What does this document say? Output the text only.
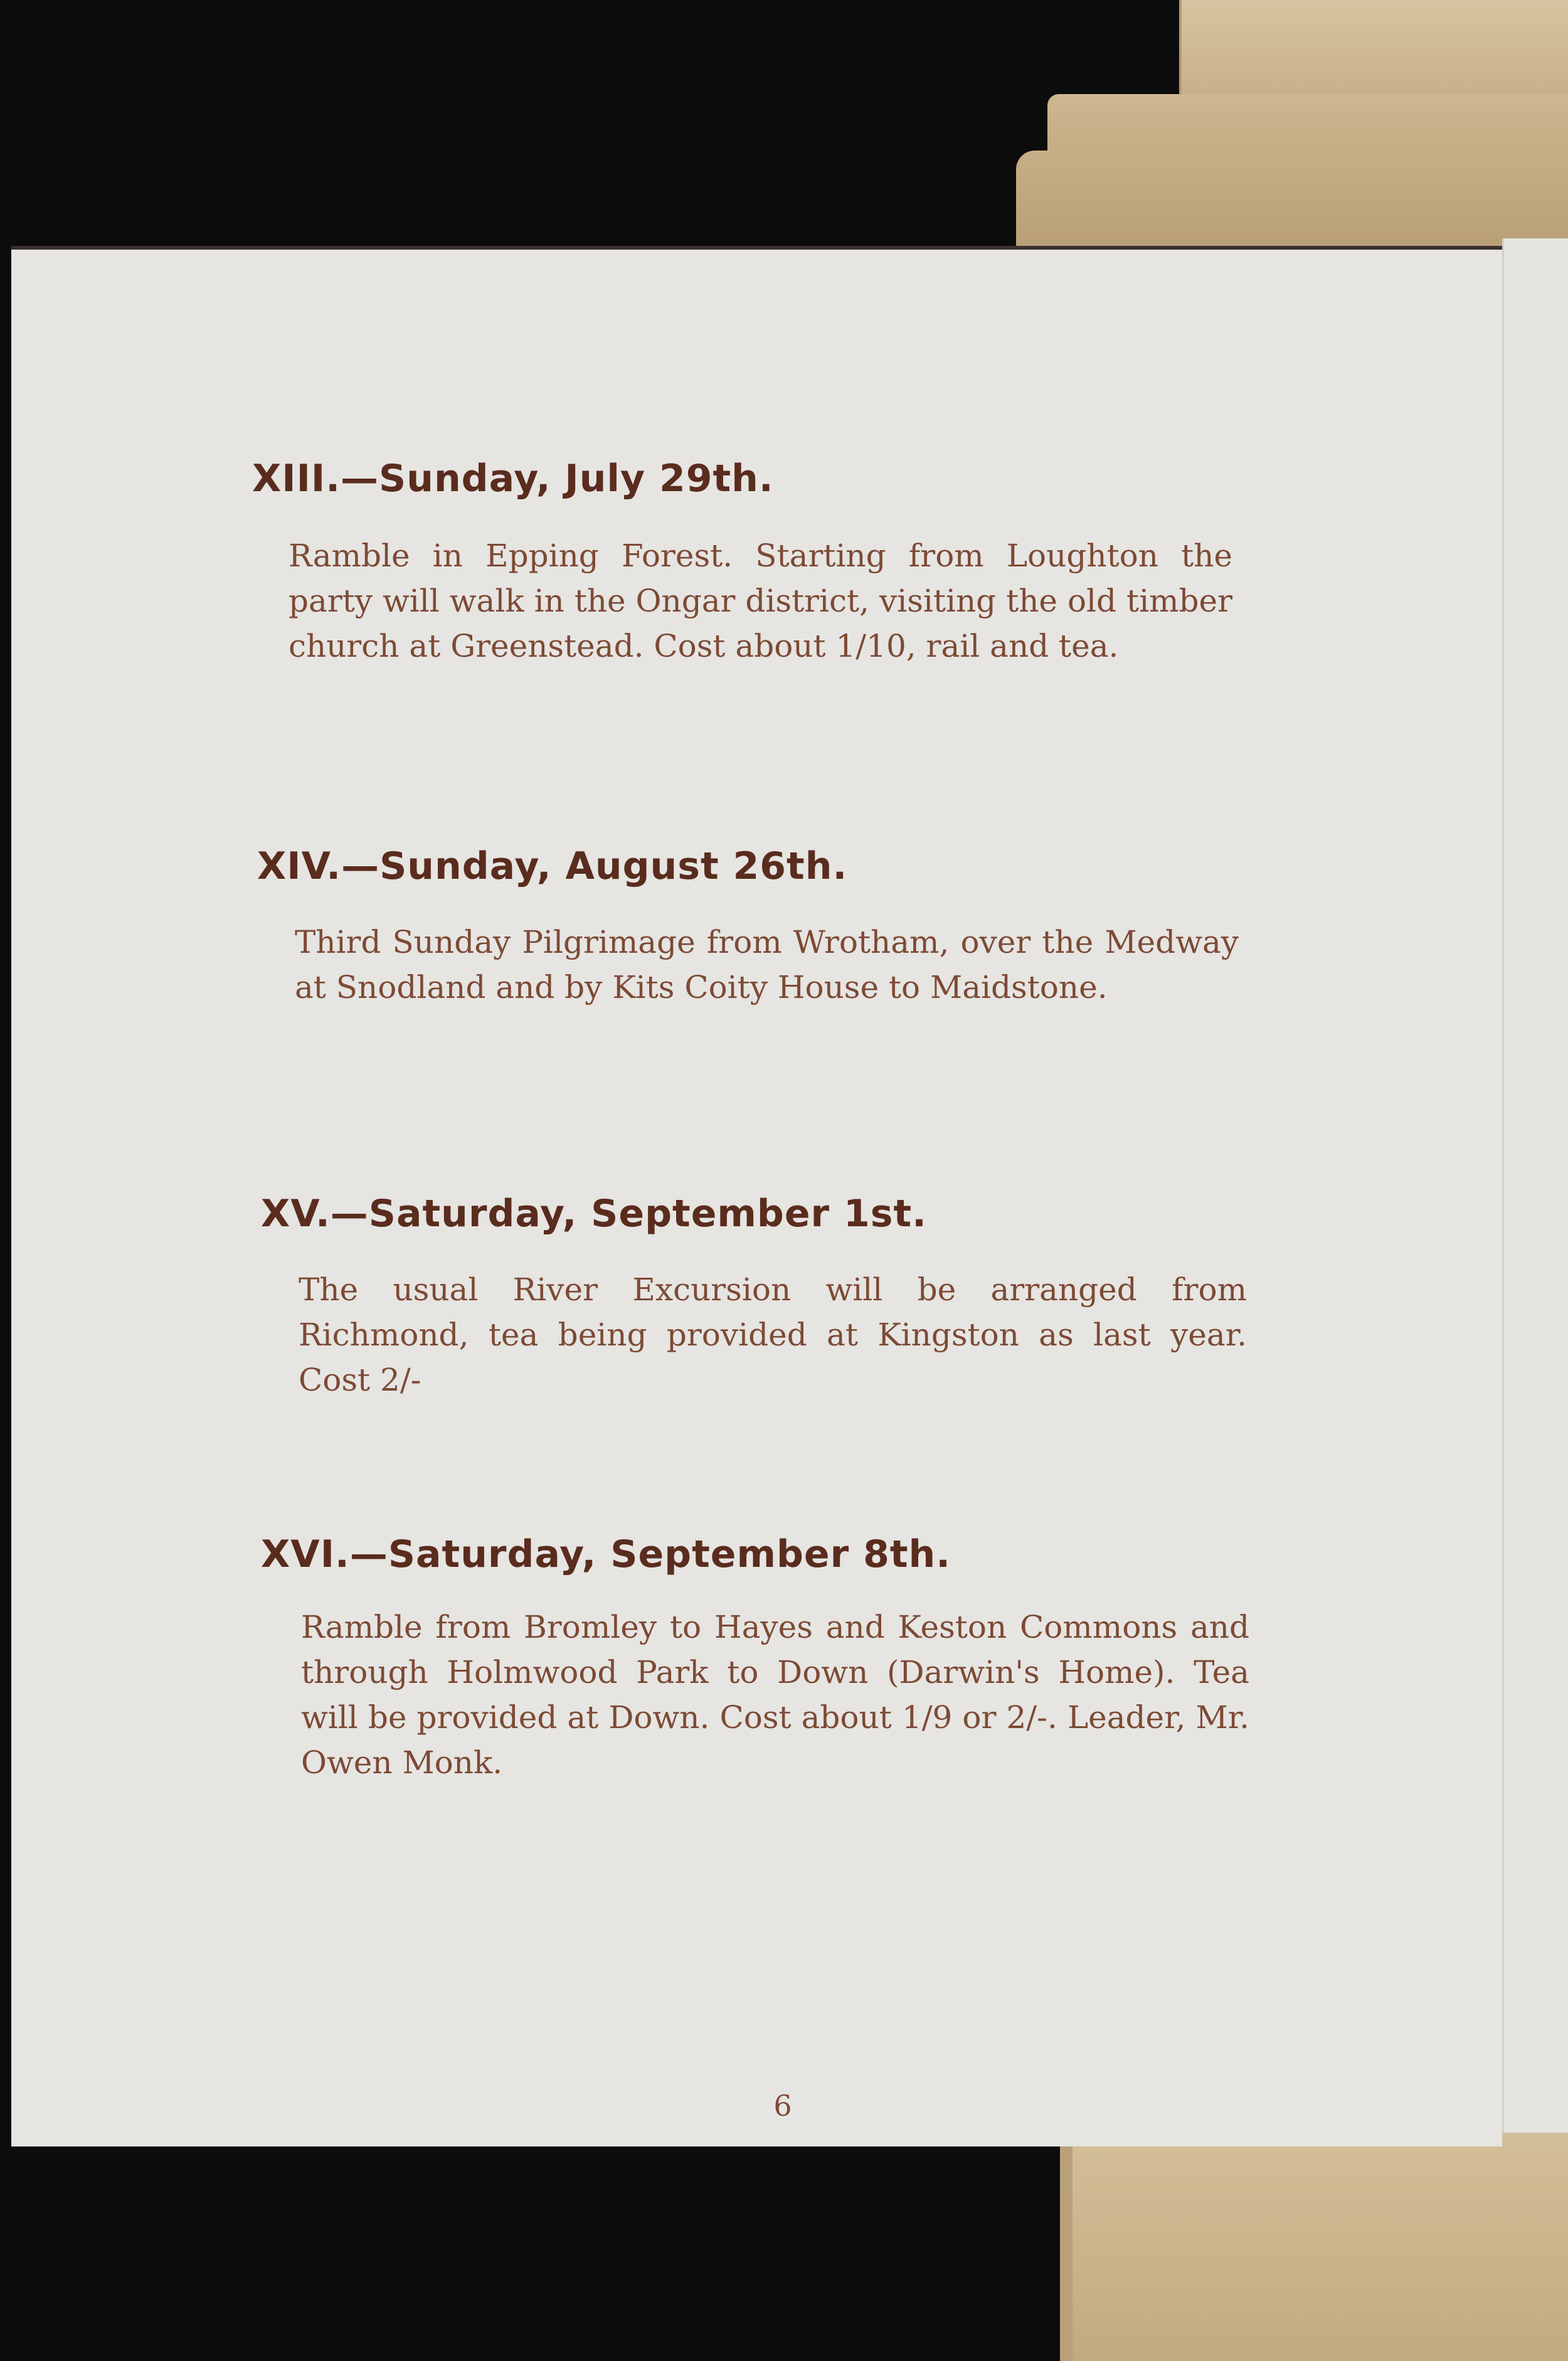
XIII.—Sunday, July 29th.
Ramble in Epping Forest. Starting from Loughton the party will walk in the Ongar district, visiting the old timber church at Greenstead. Cost about 1/10, rail and tea.
XIV.—Sunday, August 26th.
Third Sunday Pilgrimage from Wrotham, over the Medway at Snodland and by Kits Coity House to Maidstone.
XV.—Saturday, September 1st.
The usual River Excursion will be arranged from Richmond, tea being provided at Kingston as last year. Cost 2/-
XVI.—Saturday, September 8th.
Ramble from Bromley to Hayes and Keston Commons and through Holmwood Park to Down (Darwin's Home). Tea will be provided at Down. Cost about 1/9 or 2/-. Leader, Mr. Owen Monk.
6
